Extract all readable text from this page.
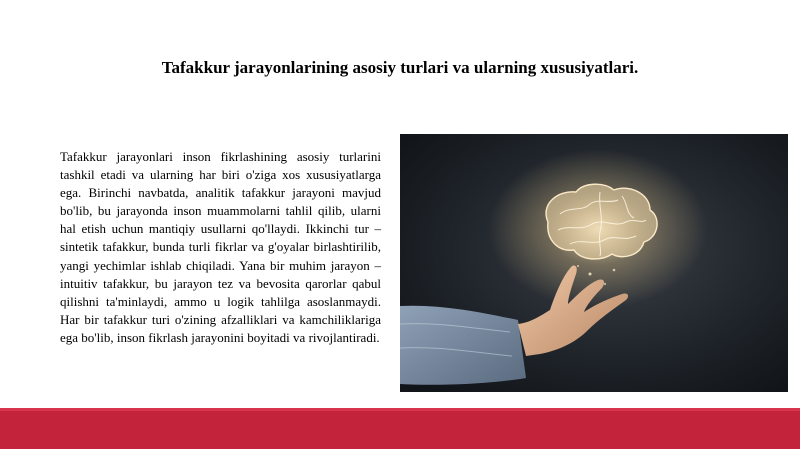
Tafakkur jarayonlarining asosiy turlari va ularning xususiyatlari.

Tafakkur jarayonlari inson fikrlashining asosiy turlarini tashkil etadi va ularning har biri o'ziga xos xususiyatlarga ega. Birinchi navbatda, analitik tafakkur jarayoni mavjud bo'lib, bu jarayonda inson muammolarni tahlil qilib, ularni hal etish uchun mantiqiy usullarni qo'llaydi. Ikkinchi tur – sintetik tafakkur, bunda turli fikrlar va g'oyalar birlashtirilib, yangi yechimlar ishlab chiqiladi. Yana bir muhim jarayon – intuitiv tafakkur, bu jarayon tez va bevosita qarorlar qabul qilishni ta'minlaydi, ammo u logik tahlilga asoslanmaydi. Har bir tafakkur turi o'zining afzalliklari va kamchiliklariga ega bo'lib, inson fikrlash jarayonini boyitadi va rivojlantiradi.
